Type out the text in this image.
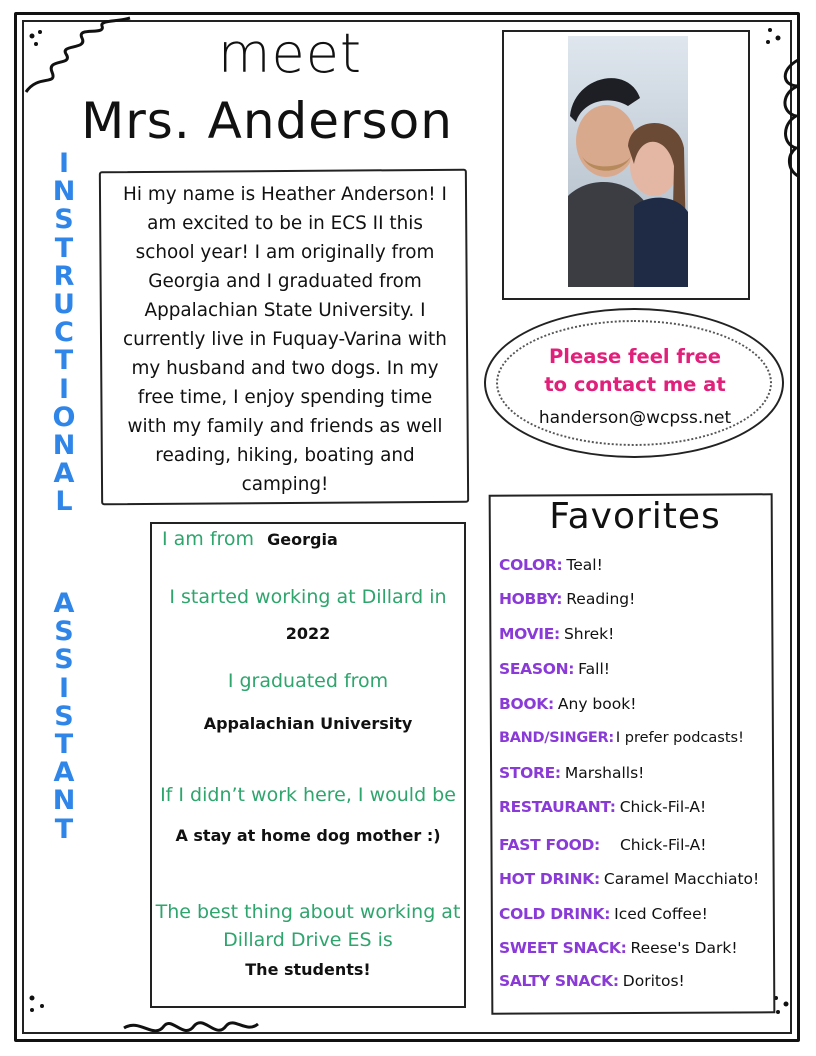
meet
Mrs. Anderson
I
N
S
T
R
U
C
T
I
O
N
A
L
A
S
S
I
S
T
A
N
T
Hi my name is Heather Anderson! I
am excited to be in ECS II this
school year! I am originally from
Georgia and I graduated from
Appalachian State University. I
currently live in Fuquay-Varina with
my husband and two dogs. In my
free time, I enjoy spending time
with my family and friends as well
reading, hiking, boating and
camping!
Please feel free
to contact me at
handerson@wcpss.net
I am from Georgia
I started working at Dillard in
2022
I graduated from
Appalachian University
If I didn’t work here, I would be
A stay at home dog mother :)
The best thing about working at
Dillard Drive ES is
The students!
Favorites
COLOR: Teal!
HOBBY: Reading!
MOVIE: Shrek!
SEASON: Fall!
BOOK: Any book!
BAND/SINGER: I prefer podcasts!
STORE: Marshalls!
RESTAURANT: Chick-Fil-A!
FAST FOOD: Chick-Fil-A!
HOT DRINK: Caramel Macchiato!
COLD DRINK: Iced Coffee!
SWEET SNACK: Reese's Dark!
SALTY SNACK: Doritos!
